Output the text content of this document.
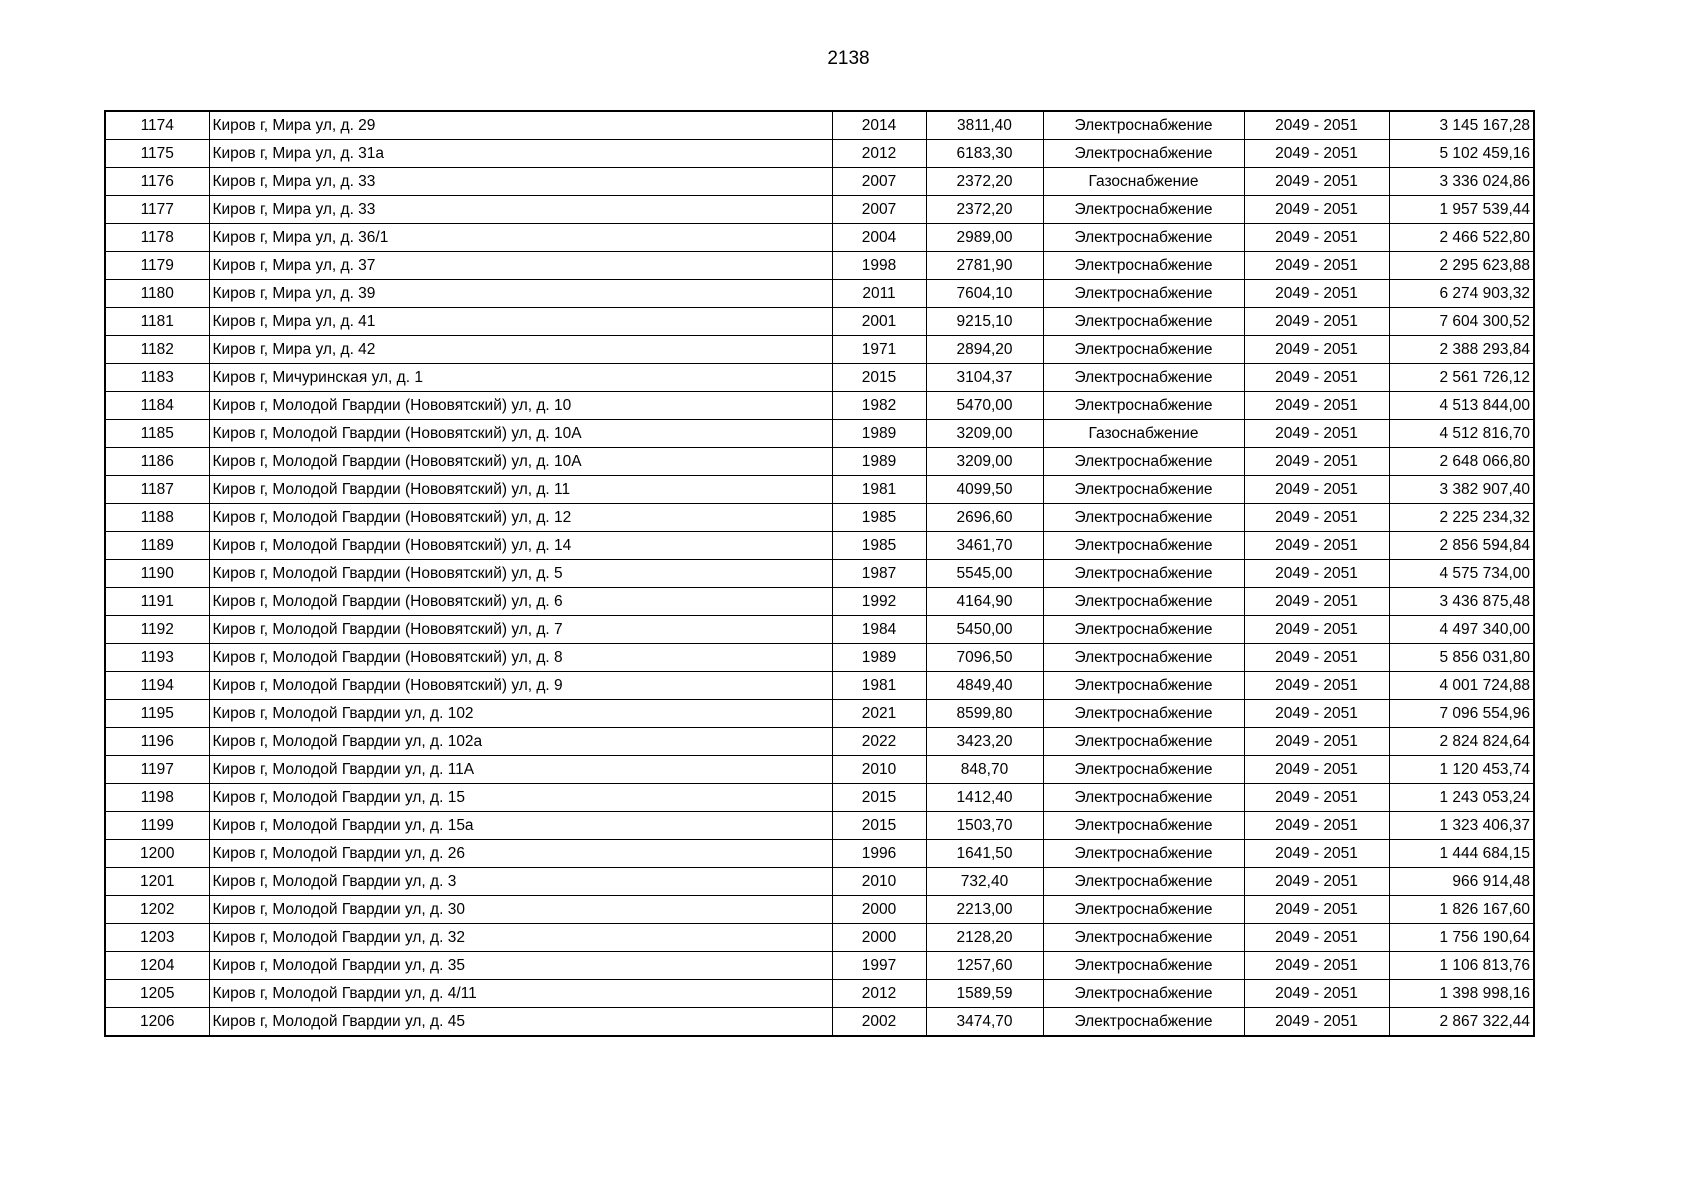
2138
1174	Киров г, Мира ул, д. 29	2014	3811,40	Электроснабжение	2049 - 2051	3 145 167,28
1175	Киров г, Мира ул, д. 31а	2012	6183,30	Электроснабжение	2049 - 2051	5 102 459,16
1176	Киров г, Мира ул, д. 33	2007	2372,20	Газоснабжение	2049 - 2051	3 336 024,86
1177	Киров г, Мира ул, д. 33	2007	2372,20	Электроснабжение	2049 - 2051	1 957 539,44
1178	Киров г, Мира ул, д. 36/1	2004	2989,00	Электроснабжение	2049 - 2051	2 466 522,80
1179	Киров г, Мира ул, д. 37	1998	2781,90	Электроснабжение	2049 - 2051	2 295 623,88
1180	Киров г, Мира ул, д. 39	2011	7604,10	Электроснабжение	2049 - 2051	6 274 903,32
1181	Киров г, Мира ул, д. 41	2001	9215,10	Электроснабжение	2049 - 2051	7 604 300,52
1182	Киров г, Мира ул, д. 42	1971	2894,20	Электроснабжение	2049 - 2051	2 388 293,84
1183	Киров г, Мичуринская ул, д. 1	2015	3104,37	Электроснабжение	2049 - 2051	2 561 726,12
1184	Киров г, Молодой Гвардии (Нововятский) ул, д. 10	1982	5470,00	Электроснабжение	2049 - 2051	4 513 844,00
1185	Киров г, Молодой Гвардии (Нововятский) ул, д. 10А	1989	3209,00	Газоснабжение	2049 - 2051	4 512 816,70
1186	Киров г, Молодой Гвардии (Нововятский) ул, д. 10А	1989	3209,00	Электроснабжение	2049 - 2051	2 648 066,80
1187	Киров г, Молодой Гвардии (Нововятский) ул, д. 11	1981	4099,50	Электроснабжение	2049 - 2051	3 382 907,40
1188	Киров г, Молодой Гвардии (Нововятский) ул, д. 12	1985	2696,60	Электроснабжение	2049 - 2051	2 225 234,32
1189	Киров г, Молодой Гвардии (Нововятский) ул, д. 14	1985	3461,70	Электроснабжение	2049 - 2051	2 856 594,84
1190	Киров г, Молодой Гвардии (Нововятский) ул, д. 5	1987	5545,00	Электроснабжение	2049 - 2051	4 575 734,00
1191	Киров г, Молодой Гвардии (Нововятский) ул, д. 6	1992	4164,90	Электроснабжение	2049 - 2051	3 436 875,48
1192	Киров г, Молодой Гвардии (Нововятский) ул, д. 7	1984	5450,00	Электроснабжение	2049 - 2051	4 497 340,00
1193	Киров г, Молодой Гвардии (Нововятский) ул, д. 8	1989	7096,50	Электроснабжение	2049 - 2051	5 856 031,80
1194	Киров г, Молодой Гвардии (Нововятский) ул, д. 9	1981	4849,40	Электроснабжение	2049 - 2051	4 001 724,88
1195	Киров г, Молодой Гвардии ул, д. 102	2021	8599,80	Электроснабжение	2049 - 2051	7 096 554,96
1196	Киров г, Молодой Гвардии ул, д. 102а	2022	3423,20	Электроснабжение	2049 - 2051	2 824 824,64
1197	Киров г, Молодой Гвардии ул, д. 11А	2010	848,70	Электроснабжение	2049 - 2051	1 120 453,74
1198	Киров г, Молодой Гвардии ул, д. 15	2015	1412,40	Электроснабжение	2049 - 2051	1 243 053,24
1199	Киров г, Молодой Гвардии ул, д. 15а	2015	1503,70	Электроснабжение	2049 - 2051	1 323 406,37
1200	Киров г, Молодой Гвардии ул, д. 26	1996	1641,50	Электроснабжение	2049 - 2051	1 444 684,15
1201	Киров г, Молодой Гвардии ул, д. 3	2010	732,40	Электроснабжение	2049 - 2051	966 914,48
1202	Киров г, Молодой Гвардии ул, д. 30	2000	2213,00	Электроснабжение	2049 - 2051	1 826 167,60
1203	Киров г, Молодой Гвардии ул, д. 32	2000	2128,20	Электроснабжение	2049 - 2051	1 756 190,64
1204	Киров г, Молодой Гвардии ул, д. 35	1997	1257,60	Электроснабжение	2049 - 2051	1 106 813,76
1205	Киров г, Молодой Гвардии ул, д. 4/11	2012	1589,59	Электроснабжение	2049 - 2051	1 398 998,16
1206	Киров г, Молодой Гвардии ул, д. 45	2002	3474,70	Электроснабжение	2049 - 2051	2 867 322,44
